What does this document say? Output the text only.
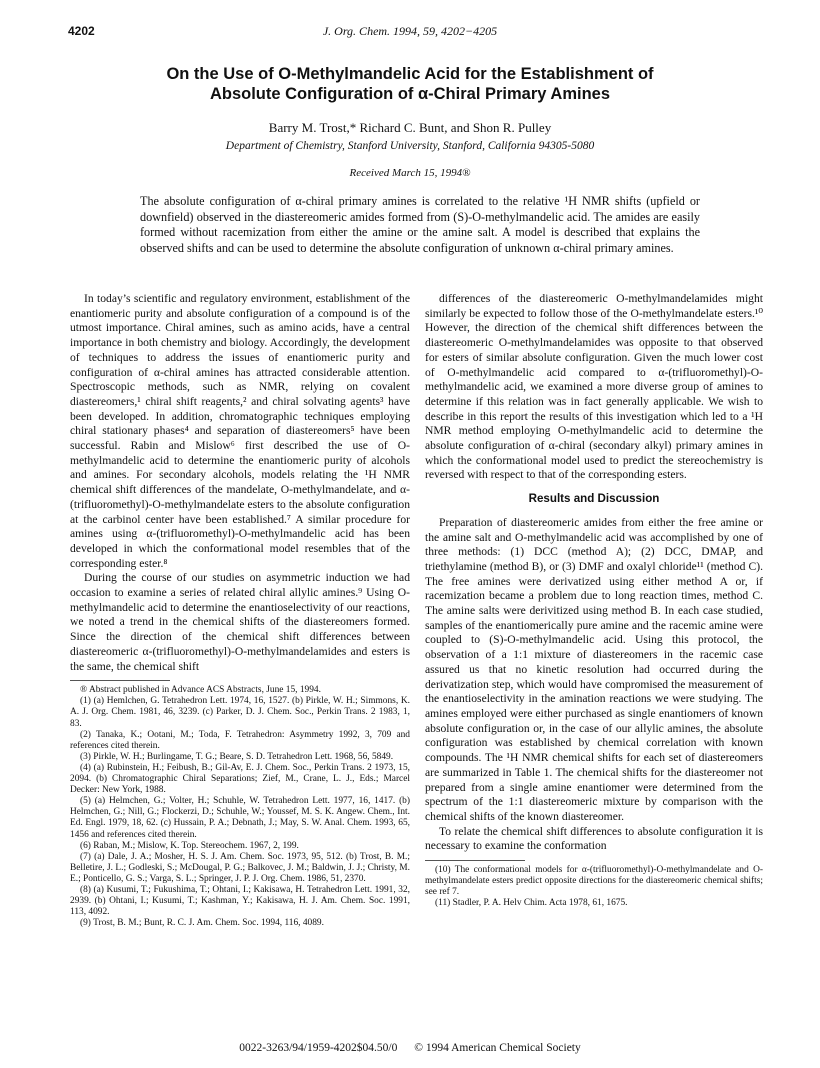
4202	J. Org. Chem. 1994, 59, 4202−4205
On the Use of O-Methylmandelic Acid for the Establishment of
Absolute Configuration of α-Chiral Primary Amines
Barry M. Trost,* Richard C. Bunt, and Shon R. Pulley
Department of Chemistry, Stanford University, Stanford, California 94305-5080
Received March 15, 1994®
The absolute configuration of α-chiral primary amines is correlated to the relative ¹H NMR shifts (upfield or downfield) observed in the diastereomeric amides formed from (S)-O-methylmandelic acid. The amides are easily formed without racemization from either the amine or the amine salt. A model is described that explains the observed shifts and can be used to determine the absolute configuration of unknown α-chiral primary amines.

In today’s scientific and regulatory environment, establishment of the enantiomeric purity and absolute configuration of a compound is of the utmost importance. Chiral amines, such as amino acids, have a central importance in both chemistry and biology. Accordingly, the development of techniques to address the issues of enantiomeric purity and configuration of α-chiral amines has attracted considerable attention. Spectroscopic methods, such as NMR, relying on covalent diastereomers,¹ chiral shift reagents,² and chiral solvating agents³ have been developed. In addition, chromatographic techniques employing chiral stationary phases⁴ and separation of diastereomers⁵ have been successful. Rabin and Mislow⁶ first described the use of O-methylmandelic acid to determine the enantiomeric purity of alcohols and amines. For secondary alcohols, models relating the ¹H NMR chemical shift differences of the mandelate, O-methylmandelate, and α-(trifluoromethyl)-O-methylmandelate esters to the absolute configuration at the carbinol center have been established.⁷ A similar procedure for amines using α-(trifluoromethyl)-O-methylmandelic acid has been developed in which the conformational model resembles that of the corresponding ester.⁸

During the course of our studies on asymmetric induction we had occasion to examine a series of related chiral allylic amines.⁹ Using O-methylmandelic acid to determine the enantioselectivity of our reactions, we noted a trend in the chemical shifts of the diastereomers formed. Since the direction of the chemical shift differences between diastereomeric α-(trifluoromethyl)-O-methylmandelamides and esters is the same, the chemical shift

® Abstract published in Advance ACS Abstracts, June 15, 1994.

(1) (a) Hemlchen, G. Tetrahedron Lett. 1974, 16, 1527. (b) Pirkle, W. H.; Simmons, K. A. J. Org. Chem. 1981, 46, 3239. (c) Parker, D. J. Chem. Soc., Perkin Trans. 2 1983, 1, 83.

(2) Tanaka, K.; Ootani, M.; Toda, F. Tetrahedron: Asymmetry 1992, 3, 709 and references cited therein.

(3) Pirkle, W. H.; Burlingame, T. G.; Beare, S. D. Tetrahedron Lett. 1968, 56, 5849.

(4) (a) Rubinstein, H.; Feibush, B.; Gil-Av, E. J. Chem. Soc., Perkin Trans. 2 1973, 15, 2094. (b) Chromatographic Chiral Separations; Zief, M., Crane, L. J., Eds.; Marcel Decker: New York, 1988.

(5) (a) Helmchen, G.; Volter, H.; Schuhle, W. Tetrahedron Lett. 1977, 16, 1417. (b) Helmchen, G.; Nill, G.; Flockerzi, D.; Schuhle, W.; Youssef, M. S. K. Angew. Chem., Int. Ed. Engl. 1979, 18, 62. (c) Hussain, P. A.; Debnath, J.; May, S. W. Anal. Chem. 1993, 65, 1456 and references cited therein.

(6) Raban, M.; Mislow, K. Top. Stereochem. 1967, 2, 199.

(7) (a) Dale, J. A.; Mosher, H. S. J. Am. Chem. Soc. 1973, 95, 512. (b) Trost, B. M.; Belletire, J. L.; Godleski, S.; McDougal, P. G.; Balkovec, J. M.; Baldwin, J. J.; Christy, M. E.; Ponticello, G. S.; Varga, S. L.; Springer, J. P. J. Org. Chem. 1986, 51, 2370.

(8) (a) Kusumi, T.; Fukushima, T.; Ohtani, I.; Kakisawa, H. Tetrahedron Lett. 1991, 32, 2939. (b) Ohtani, I.; Kusumi, T.; Kashman, Y.; Kakisawa, H. J. Am. Chem. Soc. 1991, 113, 4092.

(9) Trost, B. M.; Bunt, R. C. J. Am. Chem. Soc. 1994, 116, 4089.

differences of the diastereomeric O-methylmandelamides might similarly be expected to follow those of the O-methylmandelate esters.¹⁰ However, the direction of the chemical shift differences between the diastereomeric O-methylmandelamides was opposite to that observed for esters of similar absolute configuration. Given the much lower cost of O-methylmandelic acid compared to α-(trifluoromethyl)-O-methylmandelic acid, we examined a more diverse group of amines to determine if this relation was in fact generally applicable. We wish to describe in this report the results of this investigation which led to a ¹H NMR method employing O-methylmandelic acid to determine the absolute configuration of α-chiral (secondary alkyl) primary amines in which the conformational model used to predict the stereochemistry is reversed with respect to that of the corresponding esters.

Results and Discussion

Preparation of diastereomeric amides from either the free amine or the amine salt and O-methylmandelic acid was accomplished by one of three methods: (1) DCC (method A); (2) DCC, DMAP, and triethylamine (method B), or (3) DMF and oxalyl chloride¹¹ (method C). The free amines were derivatized using either method A or, if racemization became a problem due to long reaction times, method C. The amine salts were derivitized using method B. In each case studied, samples of the enantiomerically pure amine and the racemic amine were coupled to (S)-O-methylmandelic acid. Using this protocol, the observation of a 1:1 mixture of diastereomers in the racemic case assured us that no kinetic resolution had occurred during the derivatization step, which would have compromised the measurement of the enantioselectivity in the amination reactions we were studying. The amines employed were either purchased as single enantiomers of known absolute configuration or, in the case of our allylic amines, the absolute configuration was established by chemical correlation with known compounds. The ¹H NMR chemical shifts for each set of diastereomers are summarized in Table 1. The chemical shifts for the diastereomer not prepared from a single amine enantiomer were determined from the spectrum of the 1:1 diastereomeric mixture by comparison with the chemical shifts of the known diastereomer.

To relate the chemical shift differences to absolute configuration it is necessary to examine the conformation

(10) The conformational models for α-(trifluoromethyl)-O-methylmandelate and O-methylmandelate esters predict opposite directions for the diastereomeric chemical shifts; see ref 7.

(11) Stadler, P. A. Helv Chim. Acta 1978, 61, 1675.

0022-3263/94/1959-4202$04.50/0 © 1994 American Chemical Society
